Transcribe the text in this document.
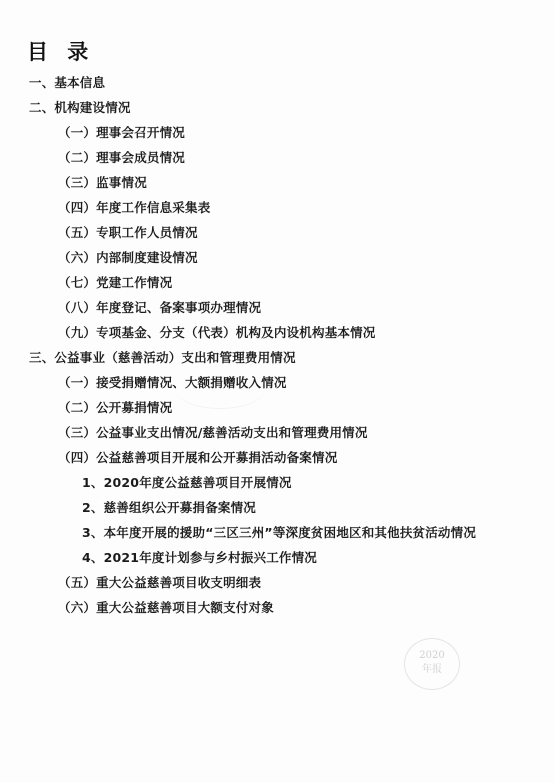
目 录
一、基本信息
二、机构建设情况
（一）理事会召开情况
（二）理事会成员情况
（三）监事情况
（四）年度工作信息采集表
（五）专职工作人员情况
（六）内部制度建设情况
（七）党建工作情况
（八）年度登记、备案事项办理情况
（九）专项基金、分支（代表）机构及内设机构基本情况
三、公益事业（慈善活动）支出和管理费用情况
（一）接受捐赠情况、大额捐赠收入情况
（二）公开募捐情况
（三）公益事业支出情况/慈善活动支出和管理费用情况
（四）公益慈善项目开展和公开募捐活动备案情况
1、2020年度公益慈善项目开展情况
2、慈善组织公开募捐备案情况
3、本年度开展的援助“三区三州”等深度贫困地区和其他扶贫活动情况
4、2021年度计划参与乡村振兴工作情况
（五）重大公益慈善项目收支明细表
（六）重大公益慈善项目大额支付对象
2020
年报
